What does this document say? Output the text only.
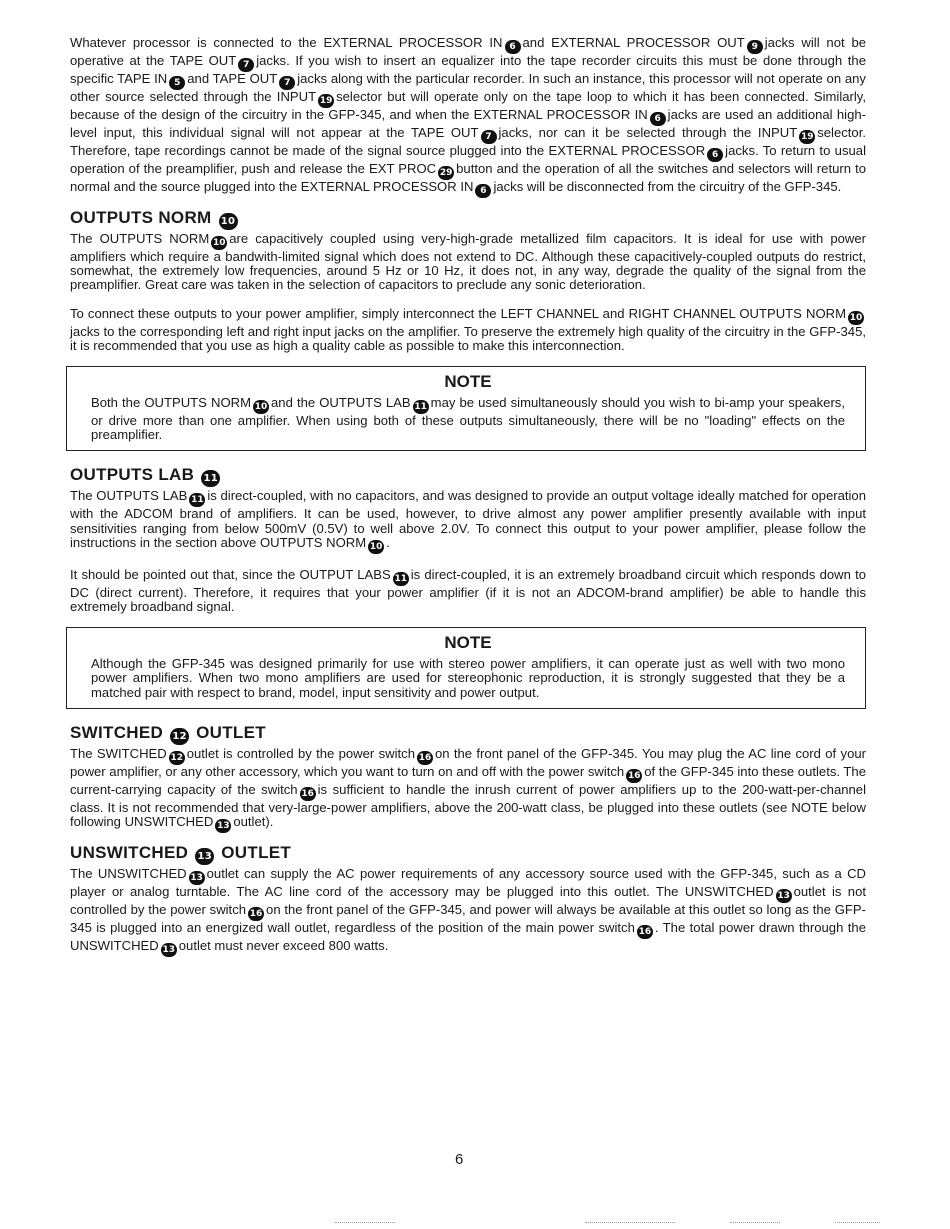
Whatever processor is connected to the EXTERNAL PROCESSOR IN 6 and EXTERNAL PROCESSOR OUT 9 jacks will not be operative at the TAPE OUT 7 jacks. If you wish to insert an equalizer into the tape recorder circuits this must be done through the specific TAPE IN 5 and TAPE OUT 7 jacks along with the particular recorder. In such an instance, this processor will not operate on any other source selected through the INPUT 19 selector but will operate only on the tape loop to which it has been connected. Similarly, because of the design of the circuitry in the GFP-345, and when the EXTERNAL PROCESSOR IN 6 jacks are used an additional high-level input, this individual signal will not appear at the TAPE OUT 7 jacks, nor can it be selected through the INPUT 19 selector. Therefore, tape recordings cannot be made of the signal source plugged into the EXTERNAL PROCESSOR 6 jacks. To return to usual operation of the preamplifier, push and release the EXT PROC 29 button and the operation of all the switches and selectors will return to normal and the source plugged into the EXTERNAL PROCESSOR IN 6 jacks will be disconnected from the circuitry of the GFP-345.

OUTPUTS NORM 10

The OUTPUTS NORM 10 are capacitively coupled using very-high-grade metallized film capacitors. It is ideal for use with power amplifiers which require a bandwith-limited signal which does not extend to DC. Although these capacitively-coupled outputs do restrict, somewhat, the extremely low frequencies, around 5 Hz or 10 Hz, it does not, in any way, degrade the quality of the signal from the preamplifier. Great care was taken in the selection of capacitors to preclude any sonic deterioration.

To connect these outputs to your power amplifier, simply interconnect the LEFT CHANNEL and RIGHT CHANNEL OUTPUTS NORM 10jacks to the corresponding left and right input jacks on the amplifier. To preserve the extremely high quality of the circuitry in the GFP-345, it is recommended that you use as high a quality cable as possible to make this interconnection.

NOTE

Both the OUTPUTS NORM 10 and the OUTPUTS LAB 11 may be used simultaneously should you wish to bi-amp your speakers, or drive more than one amplifier. When using both of these outputs simultaneously, there will be no "loading" effects on the preamplifier.

OUTPUTS LAB 11

The OUTPUTS LAB 11 is direct-coupled, with no capacitors, and was designed to provide an output voltage ideally matched for operation with the ADCOM brand of amplifiers. It can be used, however, to drive almost any power amplifier presently available with input sensitivities ranging from below 500mV (0.5V) to well above 2.0V. To connect this output to your power amplifier, please follow the instructions in the section above OUTPUTS NORM 10 .

It should be pointed out that, since the OUTPUT LABS 11 is direct-coupled, it is an extremely broadband circuit which responds down to DC (direct current). Therefore, it requires that your power amplifier (if it is not an ADCOM-brand amplifier) be able to handle this extremely broadband signal.

NOTE

Although the GFP-345 was designed primarily for use with stereo power amplifiers, it can operate just as well with two mono power amplifiers. When two mono amplifiers are used for stereophonic reproduction, it is strongly suggested that they be a matched pair with respect to brand, model, input sensitivity and power output.

SWITCHED 12 OUTLET

The SWITCHED 12 outlet is controlled by the power switch 16 on the front panel of the GFP-345. You may plug the AC line cord of your power amplifier, or any other accessory, which you want to turn on and off with the power switch 16 of the GFP-345 into these outlets. The current-carrying capacity of the switch 16 is sufficient to handle the inrush current of power amplifiers up to the 200-watt-per-channel class. It is not recommended that very-large-power amplifiers, above the 200-watt class, be plugged into these outlets (see NOTE below following UNSWITCHED 13 outlet).

UNSWITCHED 13 OUTLET

The UNSWITCHED 13 outlet can supply the AC power requirements of any accessory source used with the GFP-345, such as a CD player or analog turntable. The AC line cord of the accessory may be plugged into this outlet. The UNSWITCHED 13 outlet is not controlled by the power switch 16 on the front panel of the GFP-345, and power will always be available at this outlet so long as the GFP-345 is plugged into an energized wall outlet, regardless of the position of the main power switch 16 . The total power drawn through the UNSWITCHED 13 outlet must never exceed 800 watts.

6
